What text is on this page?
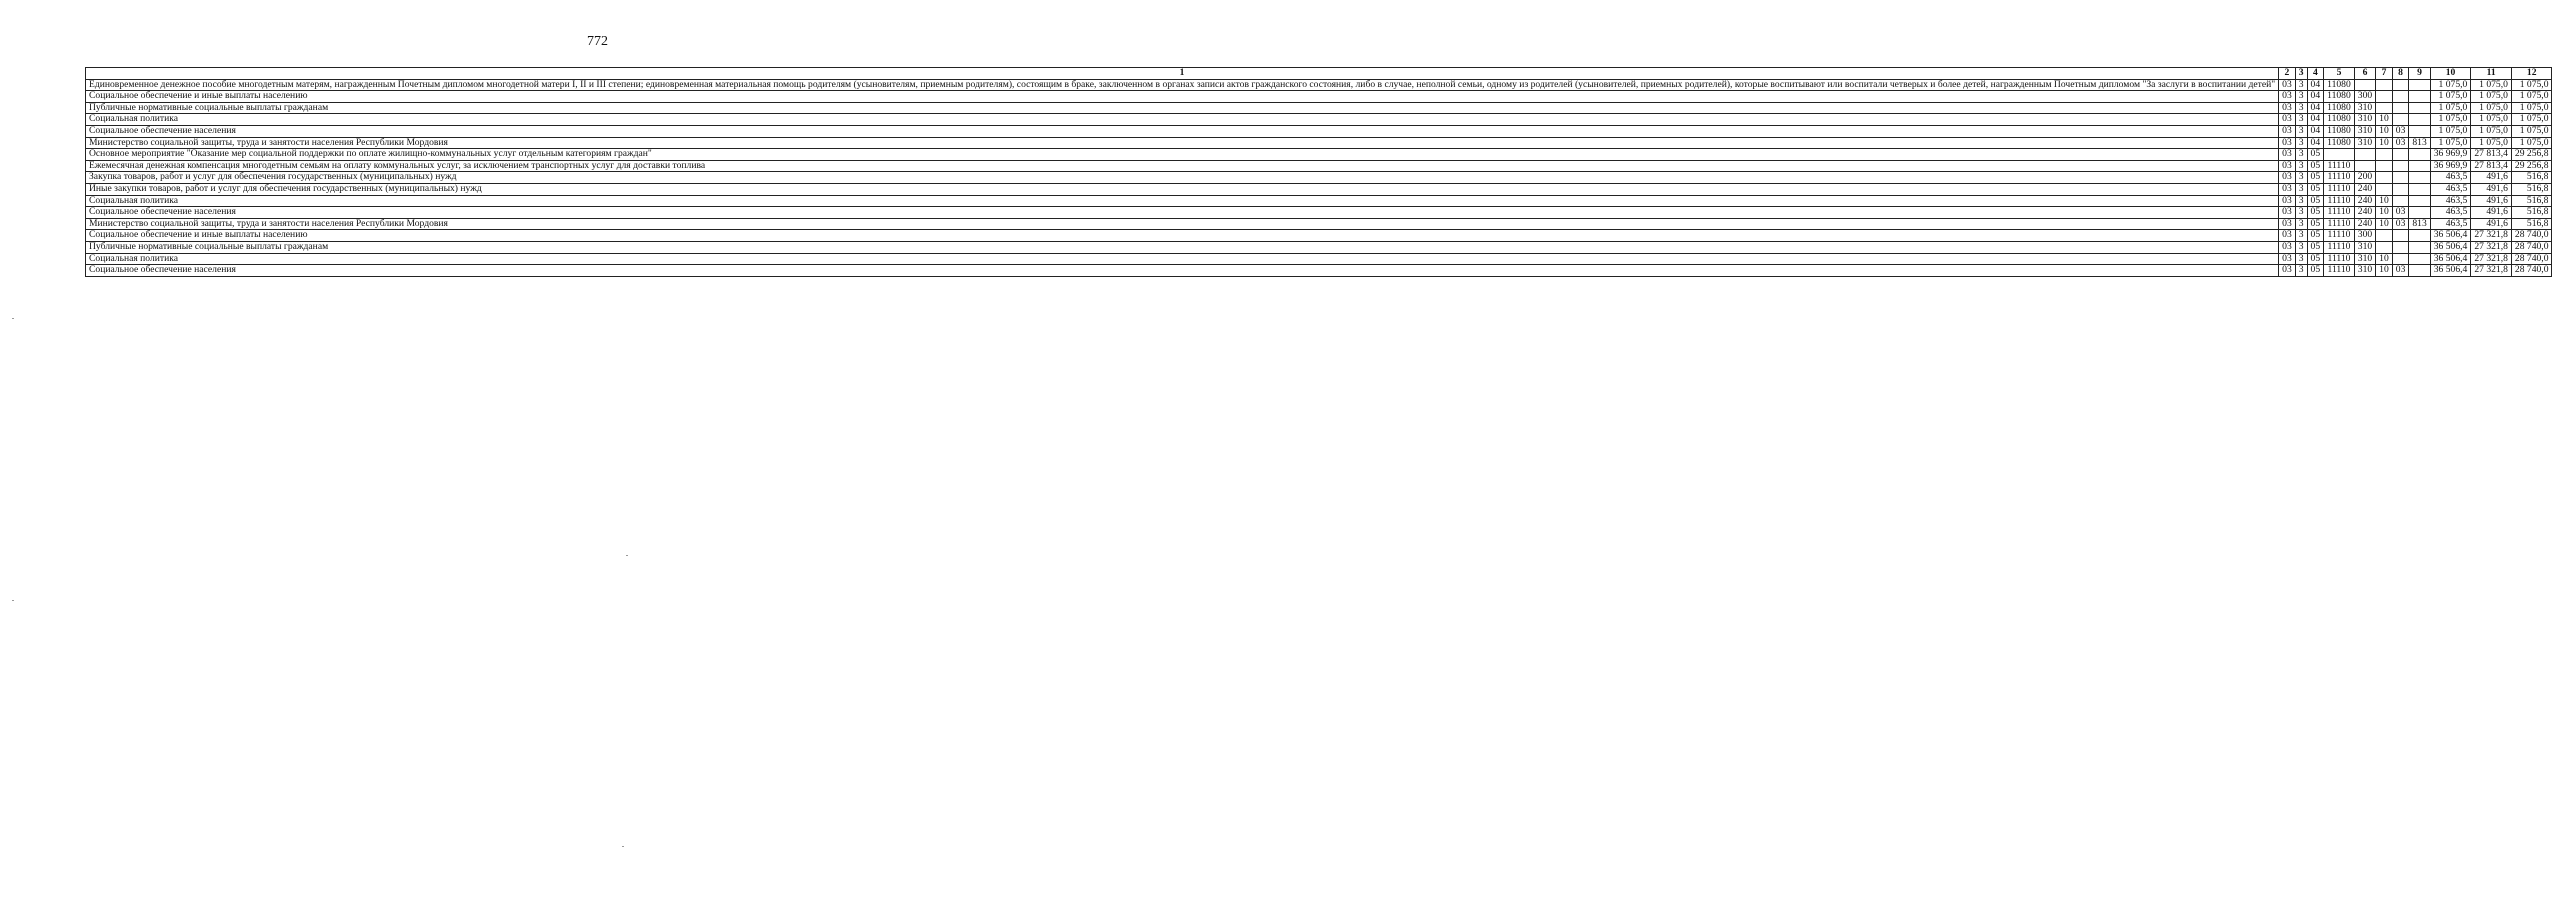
772
1	2	3	4	5	6	7	8	9	10	11	12
Единовременное денежное пособие многодетным матерям, награжденным Почетным дипломом многодетной матери I, II и III степени; единовременная материальная помощь родителям (усыновителям, приемным родителям), состоящим в браке, заключенном в органах записи актов гражданского состояния, либо в случае, неполной семьи, одному из родителей (усыновителей, приемных родителей), которые воспитывают или воспитали четверых и более детей, награжденным Почетным дипломом "За заслуги в воспитании детей"	03	3	04	11080					1 075,0	1 075,0	1 075,0
Социальное обеспечение и иные выплаты населению	03	3	04	11080	300				1 075,0	1 075,0	1 075,0
Публичные нормативные социальные выплаты гражданам	03	3	04	11080	310				1 075,0	1 075,0	1 075,0
Социальная политика	03	3	04	11080	310	10			1 075,0	1 075,0	1 075,0
Социальное обеспечение населения	03	3	04	11080	310	10	03		1 075,0	1 075,0	1 075,0
Министерство социальной защиты, труда и занятости населения Республики Мордовия	03	3	04	11080	310	10	03	813	1 075,0	1 075,0	1 075,0
Основное мероприятие "Оказание мер социальной поддержки по оплате жилищно-коммунальных услуг отдельным категориям граждан"	03	3	05						36 969,9	27 813,4	29 256,8
Ежемесячная денежная компенсация многодетным семьям на оплату коммунальных услуг, за исключением транспортных услуг для доставки топлива	03	3	05	11110					36 969,9	27 813,4	29 256,8
Закупка товаров, работ и услуг для обеспечения государственных (муниципальных) нужд	03	3	05	11110	200				463,5	491,6	516,8
Иные закупки товаров, работ и услуг для обеспечения государственных (муниципальных) нужд	03	3	05	11110	240				463,5	491,6	516,8
Социальная политика	03	3	05	11110	240	10			463,5	491,6	516,8
Социальное обеспечение населения	03	3	05	11110	240	10	03		463,5	491,6	516,8
Министерство социальной защиты, труда и занятости населения Республики Мордовия	03	3	05	11110	240	10	03	813	463,5	491,6	516,8
Социальное обеспечение и иные выплаты населению	03	3	05	11110	300				36 506,4	27 321,8	28 740,0
Публичные нормативные социальные выплаты гражданам	03	3	05	11110	310				36 506,4	27 321,8	28 740,0
Социальная политика	03	3	05	11110	310	10			36 506,4	27 321,8	28 740,0
Социальное обеспечение населения	03	3	05	11110	310	10	03		36 506,4	27 321,8	28 740,0
